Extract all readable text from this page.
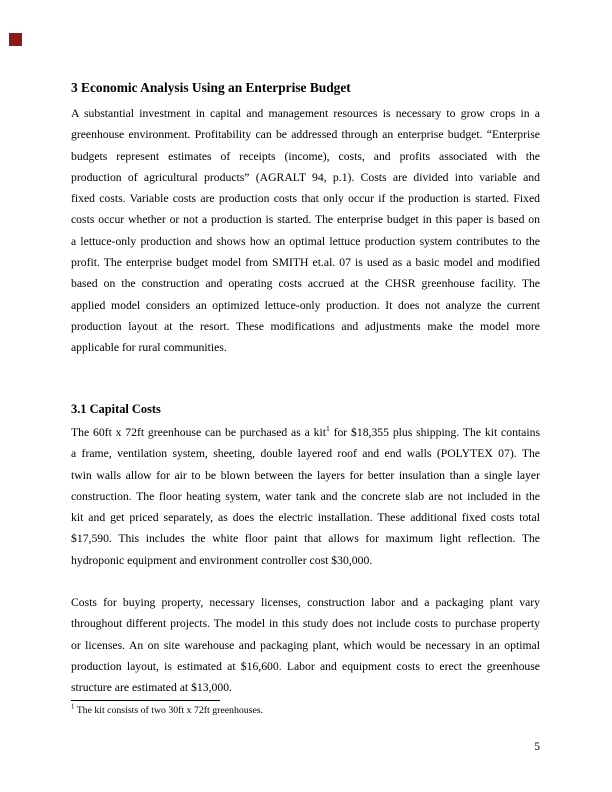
3 Economic Analysis Using an Enterprise Budget
A substantial investment in capital and management resources is necessary to grow crops in a
greenhouse environment. Profitability can be addressed through an enterprise budget. “Enterprise
budgets represent estimates of receipts (income), costs, and profits associated with the
production of agricultural products” (AGRALT 94, p.1). Costs are divided into variable and
fixed costs. Variable costs are production costs that only occur if the production is started. Fixed
costs occur whether or not a production is started. The enterprise budget in this paper is based on
a lettuce-only production and shows how an optimal lettuce production system contributes to the
profit. The enterprise budget model from SMITH et.al. 07 is used as a basic model and modified
based on the construction and operating costs accrued at the CHSR greenhouse facility. The
applied model considers an optimized lettuce-only production. It does not analyze the current
production layout at the resort. These modifications and adjustments make the model more
applicable for rural communities.
3.1 Capital Costs
The 60ft x 72ft greenhouse can be purchased as a kit$^1$ for $18,355 plus shipping. The kit contains
a frame, ventilation system, sheeting, double layered roof and end walls (POLYTEX 07). The
twin walls allow for air to be blown between the layers for better insulation than a single layer
construction. The floor heating system, water tank and the concrete slab are not included in the
kit and get priced separately, as does the electric installation. These additional fixed costs total
$17,590. This includes the white floor paint that allows for maximum light reflection. The
hydroponic equipment and environment controller cost $30,000.
Costs for buying property, necessary licenses, construction labor and a packaging plant vary
throughout different projects. The model in this study does not include costs to purchase property
or licenses. An on site warehouse and packaging plant, which would be necessary in an optimal
production layout, is estimated at $16,600. Labor and equipment costs to erect the greenhouse
structure are estimated at $13,000.
$^1$ The kit consists of two 30ft x 72ft greenhouses.
5
